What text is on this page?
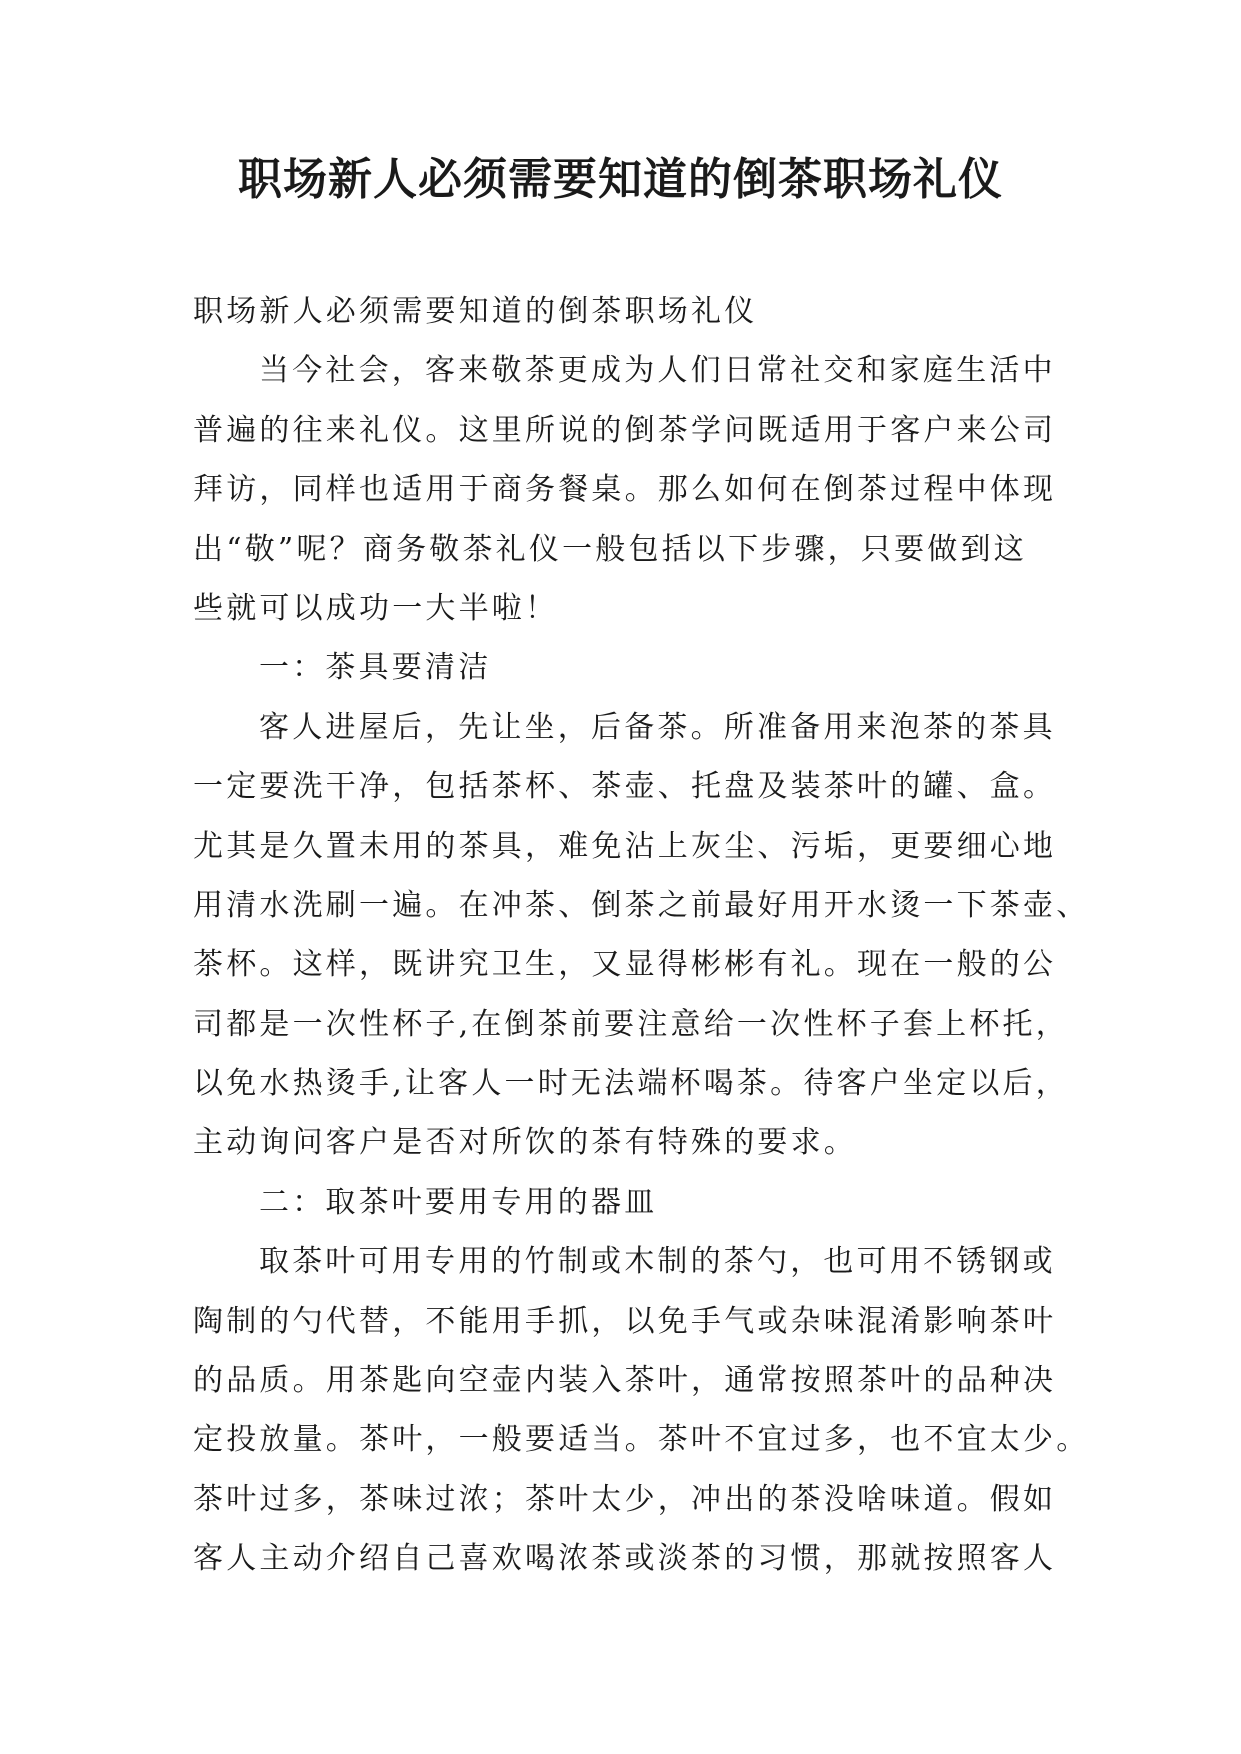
职场新人必须需要知道的倒茶职场礼仪
职场新人必须需要知道的倒茶职场礼仪
当今社会，客来敬茶更成为人们日常社交和家庭生活中
普遍的往来礼仪。这里所说的倒茶学问既适用于客户来公司
拜访，同样也适用于商务餐桌。那么如何在倒茶过程中体现
出“敬”呢？商务敬茶礼仪一般包括以下步骤，只要做到这
些就可以成功一大半啦！
一：茶具要清洁
客人进屋后，先让坐，后备茶。所准备用来泡茶的茶具
一定要洗干净，包括茶杯、茶壶、托盘及装茶叶的罐、盒。
尤其是久置未用的茶具，难免沾上灰尘、污垢，更要细心地
用清水洗刷一遍。在冲茶、倒茶之前最好用开水烫一下茶壶、
茶杯。这样，既讲究卫生，又显得彬彬有礼。现在一般的公
司都是一次性杯子,在倒茶前要注意给一次性杯子套上杯托，
以免水热烫手,让客人一时无法端杯喝茶。待客户坐定以后，
主动询问客户是否对所饮的茶有特殊的要求。
二：取茶叶要用专用的器皿
取茶叶可用专用的竹制或木制的茶勺，也可用不锈钢或
陶制的勺代替，不能用手抓，以免手气或杂味混淆影响茶叶
的品质。用茶匙向空壶内装入茶叶，通常按照茶叶的品种决
定投放量。茶叶，一般要适当。茶叶不宜过多，也不宜太少。
茶叶过多，茶味过浓；茶叶太少，冲出的茶没啥味道。假如
客人主动介绍自己喜欢喝浓茶或淡茶的习惯，那就按照客人
